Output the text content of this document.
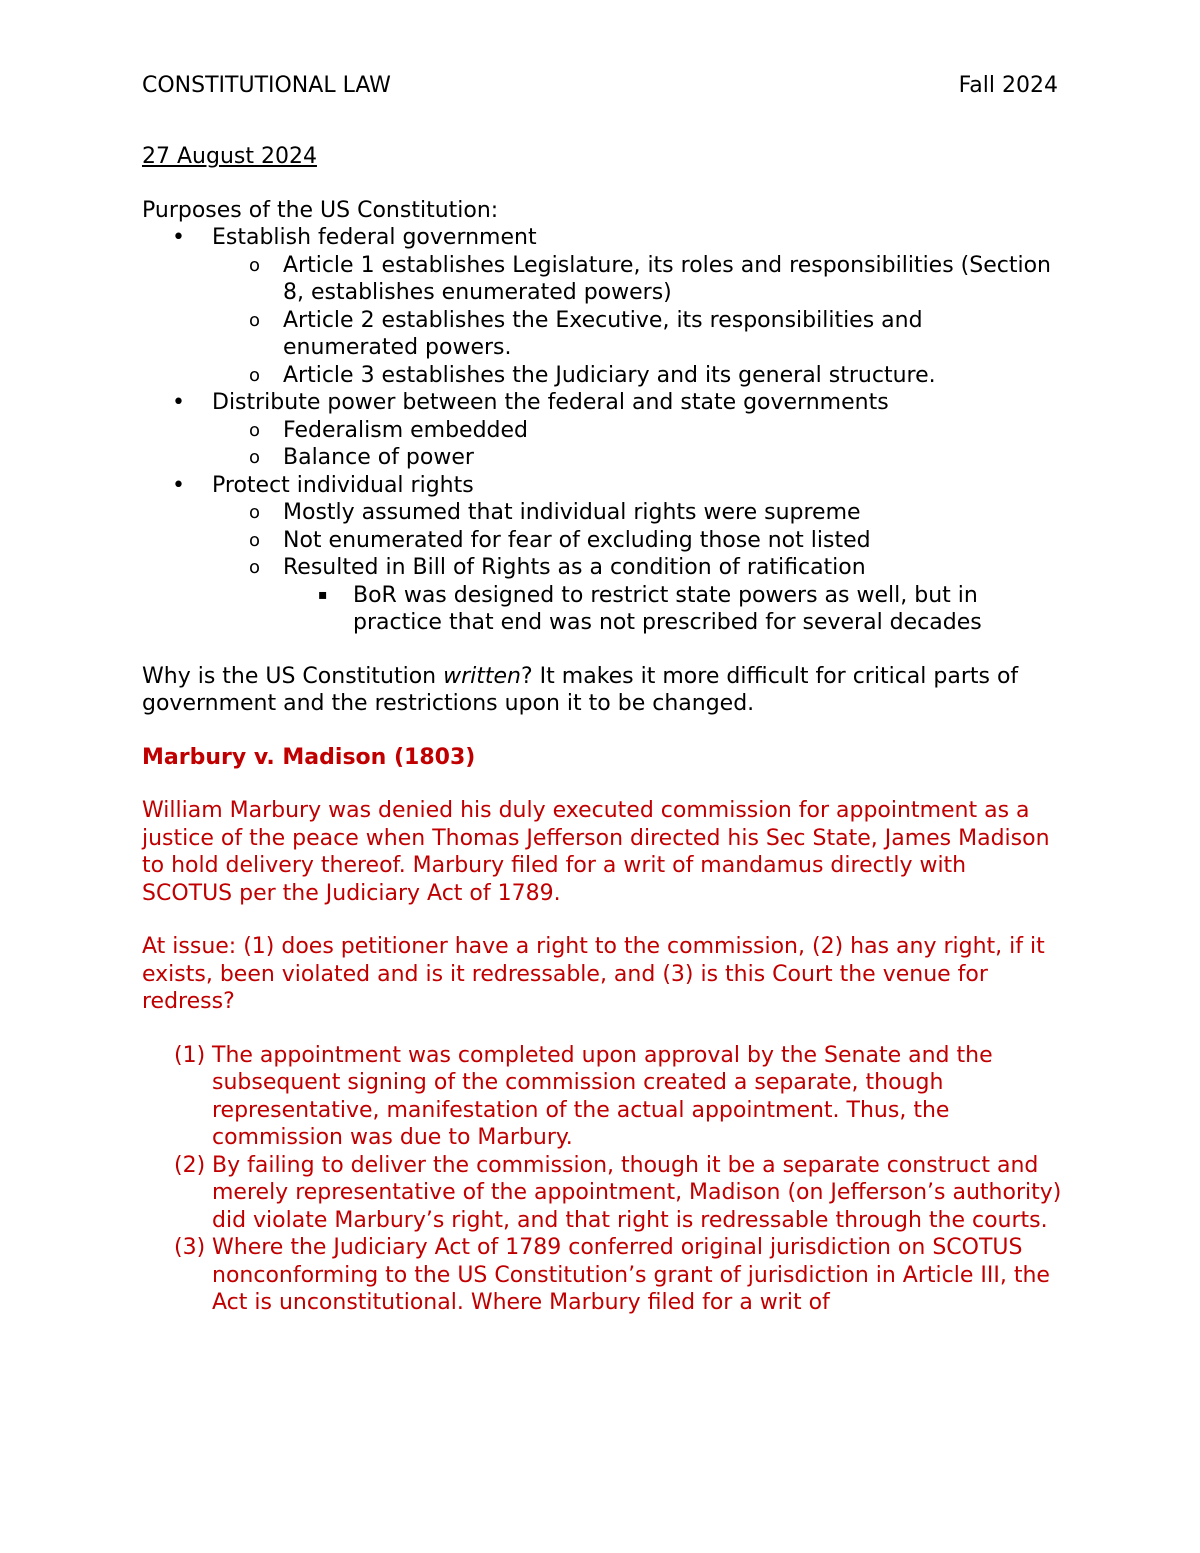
CONSTITUTIONAL LAW	Fall 2024

27 August 2024

Purposes of the US Constitution:

• Establish federal government
o Article 1 establishes Legislature, its roles and responsibilities (Section 8, establishes enumerated powers)
o Article 2 establishes the Executive, its responsibilities and enumerated powers.
o Article 3 establishes the Judiciary and its general structure.
• Distribute power between the federal and state governments
o Federalism embedded
o Balance of power
• Protect individual rights
o Mostly assumed that individual rights were supreme
o Not enumerated for fear of excluding those not listed
o Resulted in Bill of Rights as a condition of ratification
▪ BoR was designed to restrict state powers as well, but in practice that end was not prescribed for several decades

Why is the US Constitution written? It makes it more difficult for critical parts of government and the restrictions upon it to be changed.

Marbury v. Madison (1803)

William Marbury was denied his duly executed commission for appointment as a justice of the peace when Thomas Jefferson directed his Sec State, James Madison to hold delivery thereof. Marbury filed for a writ of mandamus directly with SCOTUS per the Judiciary Act of 1789.

At issue: (1) does petitioner have a right to the commission, (2) has any right, if it exists, been violated and is it redressable, and (3) is this Court the venue for redress?

(1) The appointment was completed upon approval by the Senate and the subsequent signing of the commission created a separate, though representative, manifestation of the actual appointment. Thus, the commission was due to Marbury.
(2) By failing to deliver the commission, though it be a separate construct and merely representative of the appointment, Madison (on Jefferson’s authority) did violate Marbury’s right, and that right is redressable through the courts.
(3) Where the Judiciary Act of 1789 conferred original jurisdiction on SCOTUS nonconforming to the US Constitution’s grant of jurisdiction in Article III, the Act is unconstitutional. Where Marbury filed for a writ of
